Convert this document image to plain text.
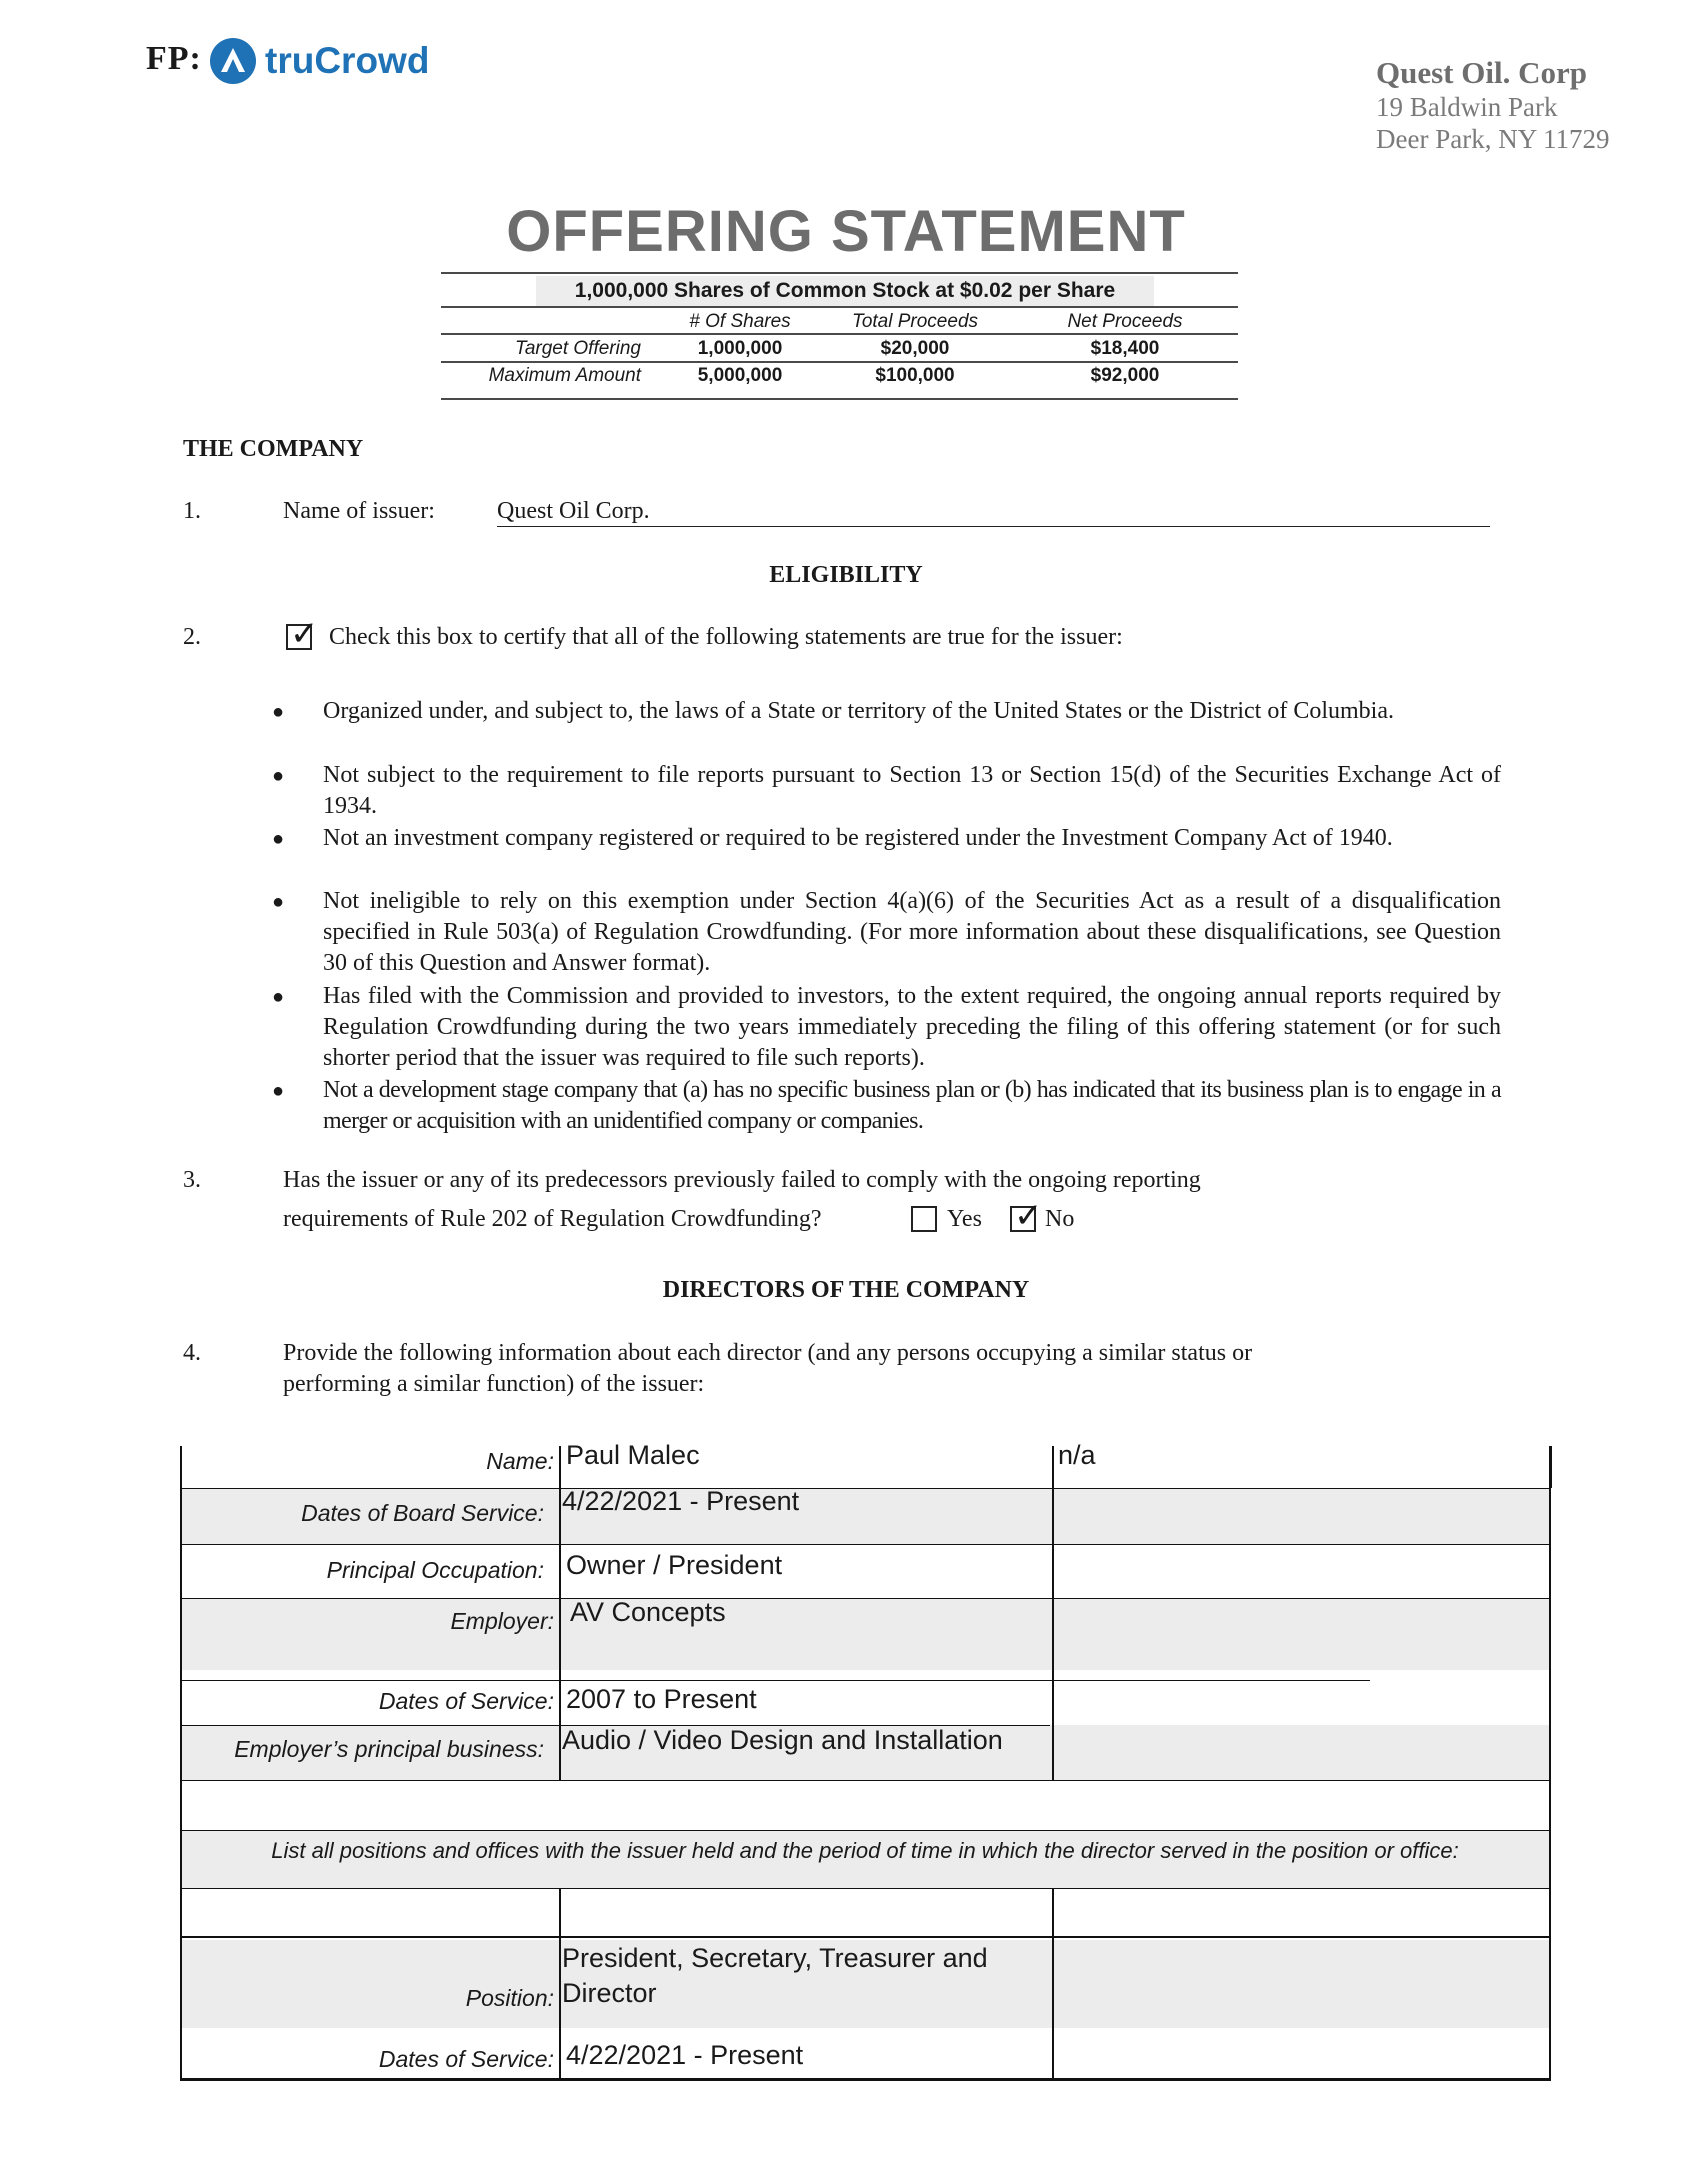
FP: truCrowd	Quest Oil. Corp
19 Baldwin Park
Deer Park, NY 11729
OFFERING STATEMENT
1,000,000 Shares of Common Stock at $0.02 per Share
# Of Shares	Total Proceeds	Net Proceeds
Target Offering	1,000,000	$20,000	$18,400
Maximum Amount	5,000,000	$100,000	$92,000
THE COMPANY
1.	Name of issuer:	Quest Oil Corp.
ELIGIBILITY
2.	✓ Check this box to certify that all of the following statements are true for the issuer:
● Organized under, and subject to, the laws of a State or territory of the United States or the District of Columbia.
● Not subject to the requirement to file reports pursuant to Section 13 or Section 15(d) of the Securities Exchange Act of 1934.
● Not an investment company registered or required to be registered under the Investment Company Act of 1940.
● Not ineligible to rely on this exemption under Section 4(a)(6) of the Securities Act as a result of a disqualification specified in Rule 503(a) of Regulation Crowdfunding. (For more information about these disqualifications, see Question 30 of this Question and Answer format).
● Has filed with the Commission and provided to investors, to the extent required, the ongoing annual reports required by Regulation Crowdfunding during the two years immediately preceding the filing of this offering statement (or for such shorter period that the issuer was required to file such reports).
● Not a development stage company that (a) has no specific business plan or (b) has indicated that its business plan is to engage in a merger or acquisition with an unidentified company or companies.
3.	Has the issuer or any of its predecessors previously failed to comply with the ongoing reporting
requirements of Rule 202 of Regulation Crowdfunding?	Yes ✓ No
DIRECTORS OF THE COMPANY
4.	Provide the following information about each director (and any persons occupying a similar status or
performing a similar function) of the issuer:
Name: Paul Malec	n/a
Dates of Board Service: 4/22/2021 - Present
Principal Occupation: Owner / President
Employer: AV Concepts
Dates of Service: 2007 to Present
Employer’s principal business: Audio / Video Design and Installation
List all positions and offices with the issuer held and the period of time in which the director served in the position or office:
President, Secretary, Treasurer and
Position: Director
Dates of Service: 4/22/2021 - Present
